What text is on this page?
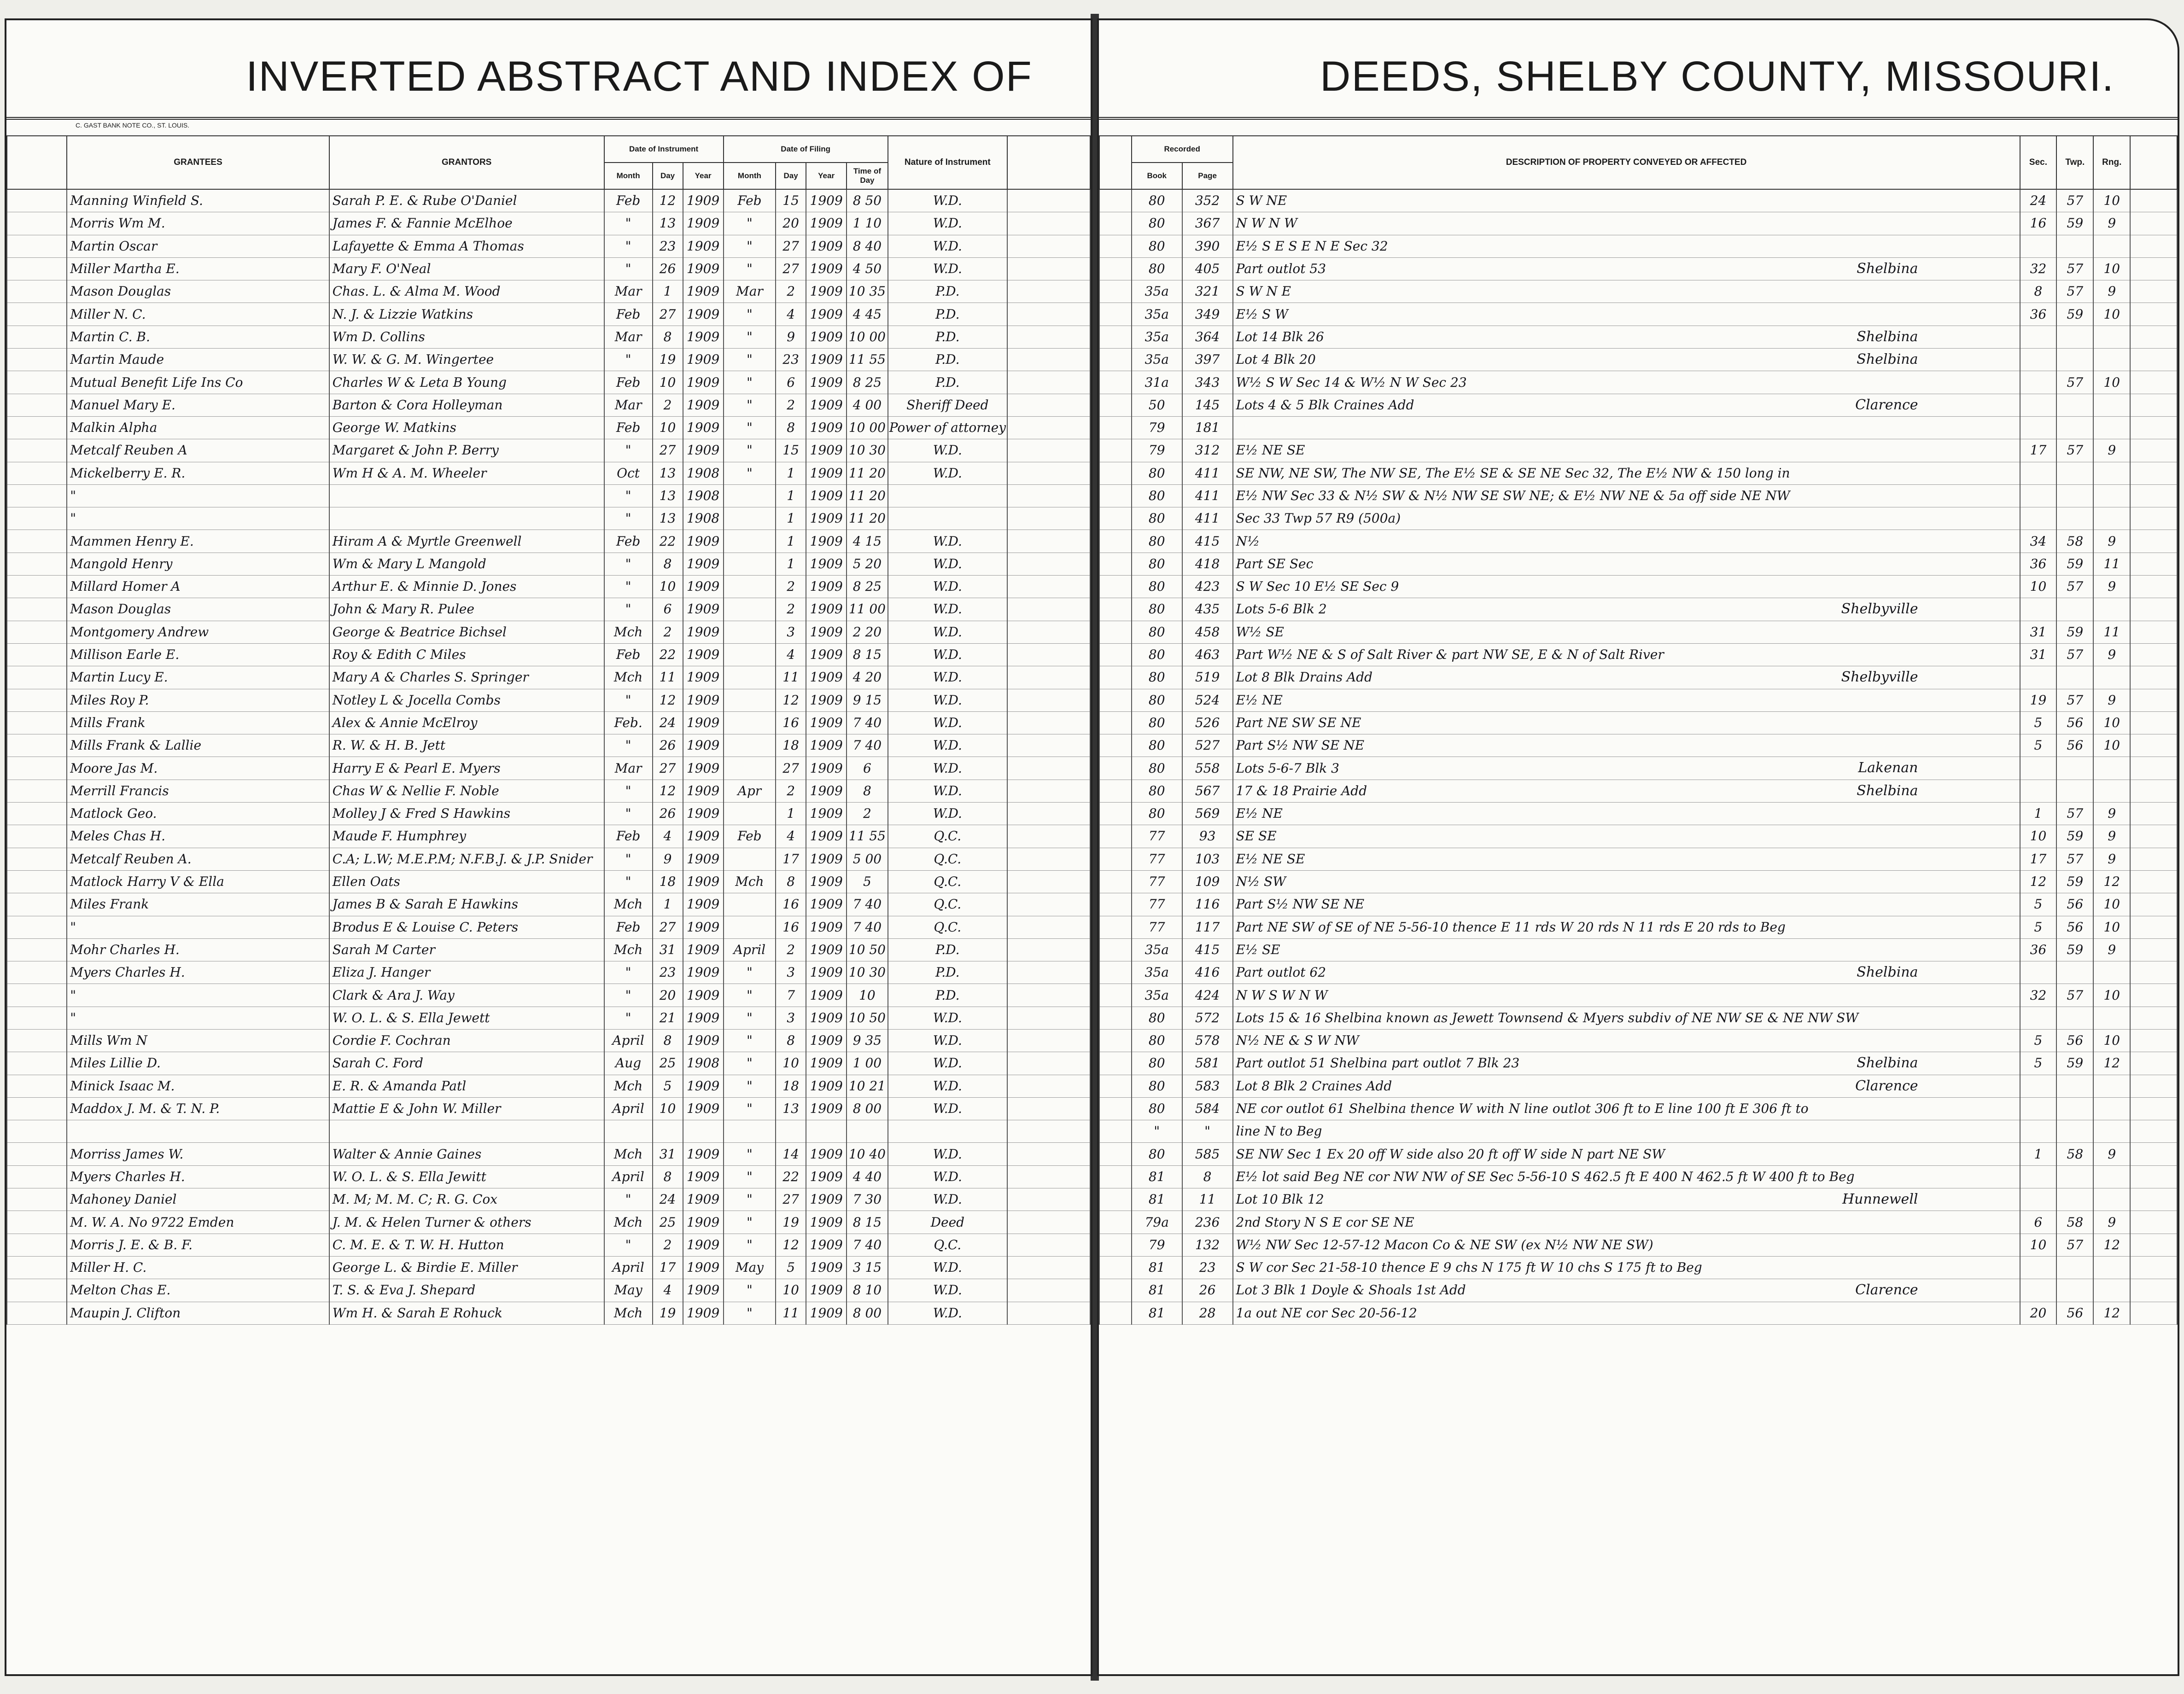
INVERTED ABSTRACT AND INDEX OF
C. GAST BANK NOTE CO., ST. LOUIS.
	GRANTEES	GRANTORS	Date of Instrument			Date of Filing				Nature of Instrument	
			Month	Day	Year	Month	Day	Year	Time of Day		
	Manning Winfield S.	Sarah P. E. & Rube O'Daniel	Feb	12	1909	Feb	15	1909	8 50	W.D.	
	Morris Wm M.	James F. & Fannie McElhoe	"	13	1909	"	20	1909	1 10	W.D.	
	Martin Oscar	Lafayette & Emma A Thomas	"	23	1909	"	27	1909	8 40	W.D.	
	Miller Martha E.	Mary F. O'Neal	"	26	1909	"	27	1909	4 50	W.D.	
	Mason Douglas	Chas. L. & Alma M. Wood	Mar	1	1909	Mar	2	1909	10 35	P.D.	
	Miller N. C.	N. J. & Lizzie Watkins	Feb	27	1909	"	4	1909	4 45	P.D.	
	Martin C. B.	Wm D. Collins	Mar	8	1909	"	9	1909	10 00	P.D.	
	Martin Maude	W. W. & G. M. Wingertee	"	19	1909	"	23	1909	11 55	P.D.	
	Mutual Benefit Life Ins Co	Charles W & Leta B Young	Feb	10	1909	"	6	1909	8 25	P.D.	
	Manuel Mary E.	Barton & Cora Holleyman	Mar	2	1909	"	2	1909	4 00	Sheriff Deed	
	Malkin Alpha	George W. Matkins	Feb	10	1909	"	8	1909	10 00	Power of attorney	
	Metcalf Reuben A	Margaret & John P. Berry	"	27	1909	"	15	1909	10 30	W.D.	
	Mickelberry E. R.	Wm H & A. M. Wheeler	Oct	13	1908	"	1	1909	11 20	W.D.	
	"		"	13	1908		1	1909	11 20		
	"		"	13	1908		1	1909	11 20		
	Mammen Henry E.	Hiram A & Myrtle Greenwell	Feb	22	1909		1	1909	4 15	W.D.	
	Mangold Henry	Wm & Mary L Mangold	"	8	1909		1	1909	5 20	W.D.	
	Millard Homer A	Arthur E. & Minnie D. Jones	"	10	1909		2	1909	8 25	W.D.	
	Mason Douglas	John & Mary R. Pulee	"	6	1909		2	1909	11 00	W.D.	
	Montgomery Andrew	George & Beatrice Bichsel	Mch	2	1909		3	1909	2 20	W.D.	
	Millison Earle E.	Roy & Edith C Miles	Feb	22	1909		4	1909	8 15	W.D.	
	Martin Lucy E.	Mary A & Charles S. Springer	Mch	11	1909		11	1909	4 20	W.D.	
	Miles Roy P.	Notley L & Jocella Combs	"	12	1909		12	1909	9 15	W.D.	
	Mills Frank	Alex & Annie McElroy	Feb.	24	1909		16	1909	7 40	W.D.	
	Mills Frank & Lallie	R. W. & H. B. Jett	"	26	1909		18	1909	7 40	W.D.	
	Moore Jas M.	Harry E & Pearl E. Myers	Mar	27	1909		27	1909	6	W.D.	
	Merrill Francis	Chas W & Nellie F. Noble	"	12	1909	Apr	2	1909	8	W.D.	
	Matlock Geo.	Molley J & Fred S Hawkins	"	26	1909		1	1909	2	W.D.	
	Meles Chas H.	Maude F. Humphrey	Feb	4	1909	Feb	4	1909	11 55	Q.C.	
	Metcalf Reuben A.	C.A; L.W; M.E.P.M; N.F.B.J. & J.P. Snider	"	9	1909		17	1909	5 00	Q.C.	
	Matlock Harry V & Ella	Ellen Oats	"	18	1909	Mch	8	1909	5	Q.C.	
	Miles Frank	James B & Sarah E Hawkins	Mch	1	1909		16	1909	7 40	Q.C.	
	"	Brodus E & Louise C. Peters	Feb	27	1909		16	1909	7 40	Q.C.	
	Mohr Charles H.	Sarah M Carter	Mch	31	1909	April	2	1909	10 50	P.D.	
	Myers Charles H.	Eliza J. Hanger	"	23	1909	"	3	1909	10 30	P.D.	
	"	Clark & Ara J. Way	"	20	1909	"	7	1909	10	P.D.	
	"	W. O. L. & S. Ella Jewett	"	21	1909	"	3	1909	10 50	W.D.	
	Mills Wm N	Cordie F. Cochran	April	8	1909	"	8	1909	9 35	W.D.	
	Miles Lillie D.	Sarah C. Ford	Aug	25	1908	"	10	1909	1 00	W.D.	
	Minick Isaac M.	E. R. & Amanda Patl	Mch	5	1909	"	18	1909	10 21	W.D.	
	Maddox J. M. & T. N. P.	Mattie E & John W. Miller	April	10	1909	"	13	1909	8 00	W.D.	

	Morriss James W.	Walter & Annie Gaines	Mch	31	1909	"	14	1909	10 40	W.D.	
	Myers Charles H.	W. O. L. & S. Ella Jewitt	April	8	1909	"	22	1909	4 40	W.D.	
	Mahoney Daniel	M. M; M. M. C; R. G. Cox	"	24	1909	"	27	1909	7 30	W.D.	
	M. W. A. No 9722 Emden	J. M. & Helen Turner & others	Mch	25	1909	"	19	1909	8 15	Deed	
	Morris J. E. & B. F.	C. M. E. & T. W. H. Hutton	"	2	1909	"	12	1909	7 40	Q.C.	
	Miller H. C.	George L. & Birdie E. Miller	April	17	1909	May	5	1909	3 15	W.D.	
	Melton Chas E.	T. S. & Eva J. Shepard	May	4	1909	"	10	1909	8 10	W.D.	
	Maupin J. Clifton	Wm H. & Sarah E Rohuck	Mch	19	1909	"	11	1909	8 00	W.D.	
DEEDS, SHELBY COUNTY, MISSOURI.
	Recorded		DESCRIPTION OF PROPERTY CONVEYED OR AFFECTED	Sec.	Twp.	Rng.	
	Book	Page					
	80	352	S W NE	24	57	10	
	80	367	N W N W	16	59	9	
	80	390	E½ S E S E N E Sec 32

	80	405	Part outlot 53 Shelbina	32	57	10	
	35a	321	S W N E	8	57	9	
	35a	349	E½ S W	36	59	10	
	35a	364	Lot 14 Blk 26 Shelbina				

	35a	397	Lot 4 Blk 20 Shelbina				

	31a	343	W½ S W Sec 14 & W½ N W Sec 23		57	10	
	50	145	Lots 4 & 5 Blk Craines Add Clarence				

	79	181	

	79	312	E½ NE SE	17	57	9	
	80	411	SE NW, NE SW, The NW SE, The E½ SE & SE NE Sec 32, The E½ NW & 150 long in

	80	411	E½ NW Sec 33 & N½ SW & N½ NW SE SW NE; & E½ NW NE & 5a off side NE NW

	80	411	Sec 33 Twp 57 R9 (500a)

	80	415	N½	34	58	9	
	80	418	Part SE Sec	36	59	11	
	80	423	S W Sec 10 E½ SE Sec 9	10	57	9	
	80	435	Lots 5-6 Blk 2 Shelbyville				

	80	458	W½ SE	31	59	11	
	80	463	Part W½ NE & S of Salt River & part NW SE, E & N of Salt River	31	57	9	
	80	519	Lot 8 Blk Drains Add Shelbyville				

	80	524	E½ NE	19	57	9	
	80	526	Part NE SW SE NE	5	56	10	
	80	527	Part S½ NW SE NE	5	56	10	
	80	558	Lots 5-6-7 Blk 3 Lakenan				

	80	567	17 & 18 Prairie Add Shelbina				

	80	569	E½ NE	1	57	9	
	77	93	SE SE	10	59	9	
	77	103	E½ NE SE	17	57	9	
	77	109	N½ SW	12	59	12	
	77	116	Part S½ NW SE NE	5	56	10	
	77	117	Part NE SW of SE of NE 5-56-10 thence E 11 rds W 20 rds N 11 rds E 20 rds to Beg	5	56	10	
	35a	415	E½ SE	36	59	9	
	35a	416	Part outlot 62 Shelbina				

	35a	424	N W S W N W	32	57	10	
	80	572	Lots 15 & 16 Shelbina known as Jewett Townsend & Myers subdiv of NE NW SE & NE NW SW

	80	578	N½ NE & S W NW	5	56	10	
	80	581	Part outlot 51 Shelbina part outlot 7 Blk 23 Shelbina	5	59	12	
	80	583	Lot 8 Blk 2 Craines Add Clarence				

	80	584	NE cor outlot 61 Shelbina thence W with N line outlot 306 ft to E line 100 ft E 306 ft to

	"	"	line N to Beg

	80	585	SE NW Sec 1 Ex 20 off W side also 20 ft off W side N part NE SW	1	58	9	
	81	8	E½ lot said Beg NE cor NW NW of SE Sec 5-56-10 S 462.5 ft E 400 N 462.5 ft W 400 ft to Beg

	81	11	Lot 10 Blk 12 Hunnewell				

	79a	236	2nd Story N S E cor SE NE	6	58	9	
	79	132	W½ NW Sec 12-57-12 Macon Co & NE SW (ex N½ NW NE SW)	10	57	12	
	81	23	S W cor Sec 21-58-10 thence E 9 chs N 175 ft W 10 chs S 175 ft to Beg

	81	26	Lot 3 Blk 1 Doyle & Shoals 1st Add Clarence				

	81	28	1a out NE cor Sec 20-56-12	20	56	12	
